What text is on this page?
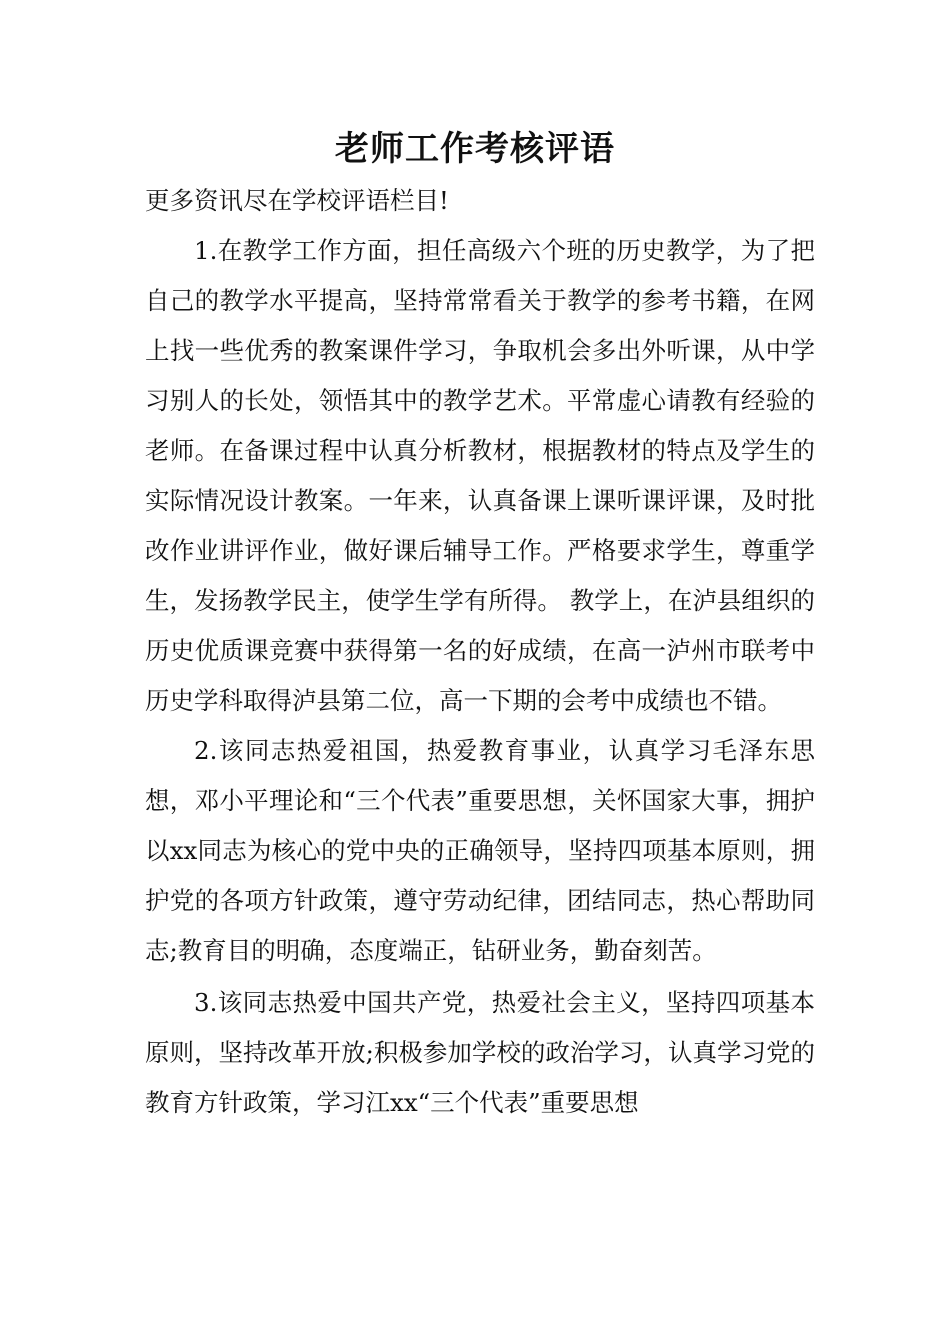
老师工作考核评语

更多资讯尽在学校评语栏目!

1.在教学工作方面，担任高级六个班的历史教学，为了把自己的教学水平提高，坚持常常看关于教学的参考书籍，在网上找一些优秀的教案课件学习，争取机会多出外听课，从中学习别人的长处，领悟其中的教学艺术。平常虚心请教有经验的老师。在备课过程中认真分析教材，根据教材的特点及学生的实际情况设计教案。一年来，认真备课上课听课评课，及时批改作业讲评作业，做好课后辅导工作。严格要求学生，尊重学生，发扬教学民主，使学生学有所得。 教学上，在泸县组织的历史优质课竞赛中获得第一名的好成绩，在高一泸州市联考中历史学科取得泸县第二位，高一下期的会考中成绩也不错。

2.该同志热爱祖国，热爱教育事业，认真学习毛泽东思想，邓小平理论和“三个代表”重要思想，关怀国家大事，拥护以xx同志为核心的党中央的正确领导，坚持四项基本原则，拥护党的各项方针政策，遵守劳动纪律，团结同志，热心帮助同志;教育目的明确，态度端正，钻研业务，勤奋刻苦。

3.该同志热爱中国共产党，热爱社会主义，坚持四项基本原则，坚持改革开放;积极参加学校的政治学习，认真学习党的教育方针政策，学习江xx“三个代表”重要思想
